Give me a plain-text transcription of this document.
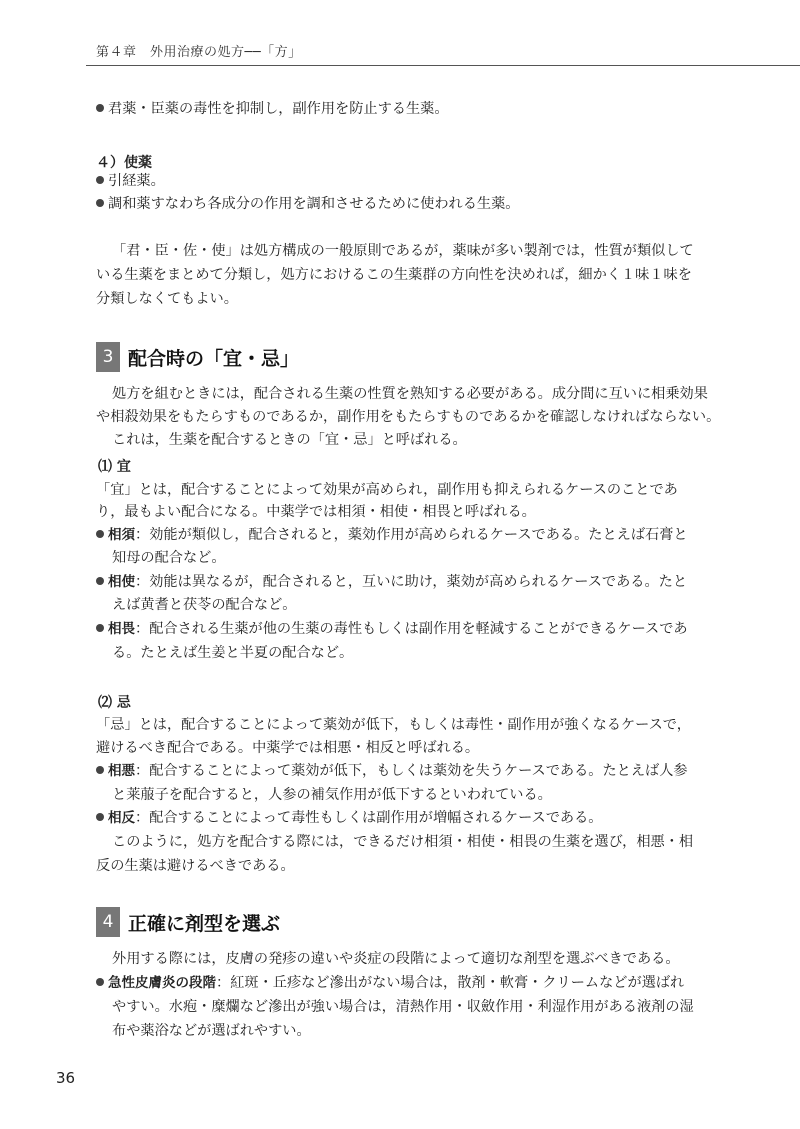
第４章　外用治療の処方──「方」
君薬・臣薬の毒性を抑制し，副作用を防止する生薬。
４）使薬
引経薬。
調和薬すなわち各成分の作用を調和させるために使われる生薬。
「君・臣・佐・使」は処方構成の一般原則であるが，薬味が多い製剤では，性質が類似して
いる生薬をまとめて分類し，処方におけるこの生薬群の方向性を決めれば，細かく１味１味を
分類しなくてもよい。
3 配合時の「宜・忌」
処方を組むときには，配合される生薬の性質を熟知する必要がある。成分間に互いに相乗効果
や相殺効果をもたらすものであるか，副作用をもたらすものであるかを確認しなければならない。
これは，生薬を配合するときの「宜・忌」と呼ばれる。
⑴ 宜
「宜」とは，配合することによって効果が高められ，副作用も抑えられるケースのことであ
り，最もよい配合になる。中薬学では相須・相使・相畏と呼ばれる。
相須：効能が類似し，配合されると，薬効作用が高められるケースである。たとえば石膏と
知母の配合など。
相使：効能は異なるが，配合されると，互いに助け，薬効が高められるケースである。たと
えば黄耆と茯苓の配合など。
相畏：配合される生薬が他の生薬の毒性もしくは副作用を軽減することができるケースであ
る。たとえば生姜と半夏の配合など。
⑵ 忌
「忌」とは，配合することによって薬効が低下，もしくは毒性・副作用が強くなるケースで，
避けるべき配合である。中薬学では相悪・相反と呼ばれる。
相悪：配合することによって薬効が低下，もしくは薬効を失うケースである。たとえば人参
と莱菔子を配合すると，人参の補気作用が低下するといわれている。
相反：配合することによって毒性もしくは副作用が増幅されるケースである。
このように，処方を配合する際には，できるだけ相須・相使・相畏の生薬を選び，相悪・相
反の生薬は避けるべきである。
4 正確に剤型を選ぶ
外用する際には，皮膚の発疹の違いや炎症の段階によって適切な剤型を選ぶべきである。
急性皮膚炎の段階：紅斑・丘疹など滲出がない場合は，散剤・軟膏・クリームなどが選ばれ
やすい。水疱・糜爛など滲出が強い場合は，清熱作用・収斂作用・利湿作用がある液剤の湿
布や薬浴などが選ばれやすい。
36
